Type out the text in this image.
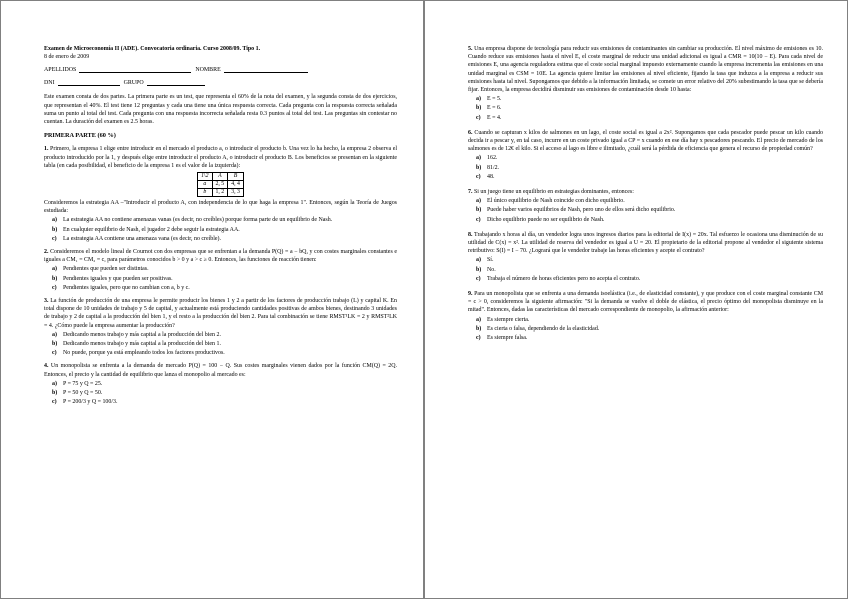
Examen de Microeconomía II (ADE). Convocatoria ordinaria. Curso 2008/09. Tipo 1.
8 de enero de 2009
APELLIDOS	NOMBRE
DNI	GRUPO

Este examen consta de dos partes. La primera parte es un test, que representa el 60% de la nota del examen, y la segunda consta de dos ejercicios, que representan el 40%. El test tiene 12 preguntas y cada una tiene una única respuesta correcta. Cada pregunta con la respuesta correcta señalada suma un punto al total del test. Cada pregunta con una respuesta incorrecta señalada resta 0.3 puntos al total del test. Las preguntas sin contestar no cuentan. La duración del examen es 2.5 horas.

PRIMERA PARTE (60 %)

1. Primero, la empresa 1 elige entre introducir en el mercado el producto a, o introducir el producto b. Una vez lo ha hecho, la empresa 2 observa el producto introducido por la 1, y después elige entre introducir el producto A, o introducir el producto B. Los beneficios se presentan en la siguiente tabla (en cada posibilidad, el beneficio de la empresa 1 es el valor de la izquierda):

1\2	A	B
a	2, 5	4, 4
b	1, 2	3, 3

Consideremos la estrategia AA –"Introducir el producto A, con independencia de lo que haga la empresa 1". Entonces, según la Teoría de Juegos estudiada:

a)	La estrategia AA no contiene amenazas vanas (es decir, no creíbles) porque forma parte de un equilibrio de Nash.
b) En cualquier equilibrio de Nash, el jugador 2 debe seguir la estrategia AA.
c)	La estrategia AA contiene una amenaza vana (es decir, no creíble).

2. Consideremos el modelo lineal de Cournot con dos empresas que se enfrentan a la demanda P(Q) = a − bQ, y con costes marginales constantes e iguales a CM₁ = CM₂ = c, para parámetros conocidos b > 0 y a > c ≥ 0. Entonces, las funciones de reacción tienen:

a)	Pendientes que pueden ser distintas.
b) Pendientes iguales y que pueden ser positivas.
c)	Pendientes iguales, pero que no cambian con a, b y c.

3. La función de producción de una empresa le permite producir los bienes 1 y 2 a partir de los factores de producción trabajo (L) y capital K. En total dispone de 10 unidades de trabajo y 5 de capital, y actualmente está produciendo cantidades positivas de ambos bienes, destinando 3 unidades de trabajo y 2 de capital a la producción del bien 1, y el resto a la producción del bien 2. Para tal combinación se tiene RMST¹LK = 2 y RMST²LK = 4. ¿Cómo puede la empresa aumentar la producción?

a)	Dedicando menos trabajo y más capital a la producción del bien 2.
b) Dedicando menos trabajo y más capital a la producción del bien 1.
c)	No puede, porque ya está empleando todos los factores productivos.

4. Un monopolista se enfrenta a la demanda de mercado P(Q) = 100 − Q. Sus costes marginales vienen dados por la función CM(Q) = 2Q. Entonces, el precio y la cantidad de equilibrio que lanza el monopolio al mercado es:

a)	P = 75 y Q = 25.
b) P = 50 y Q = 50.
c)	P = 200/3 y Q = 100/3.

5. Una empresa dispone de tecnología para reducir sus emisiones de contaminantes sin cambiar su producción. El nivel máximo de emisiones es 10. Cuando reduce sus emisiones hasta el nivel E, el coste marginal de reducir una unidad adicional es igual a CMR = 10(10 − E). Para cada nivel de emisiones E, una agencia reguladora estima que el coste social marginal impuesto externamente cuando la empresa incrementa las emisiones en una unidad marginal es CSM = 10E. La agencia quiere limitar las emisiones al nivel eficiente, fijando la tasa que induzca a la empresa a reducir sus emisiones hasta tal nivel. Supongamos que debido a la información limitada, se comete un error relativo del 20% subestimando la tasa que se debería fijar. Entonces, la empresa decidirá disminuir sus emisiones de contaminación desde 10 hasta:

a)	E = 5.
b) E = 6.
c)	E = 4.

6. Cuando se capturan x kilos de salmones en un lago, el coste social es igual a 2x². Supongamos que cada pescador puede pescar un kilo cuando decida ir a pescar y, en tal caso, incurre en un coste privado igual a CP = x cuando en ese día hay x pescadores pescando. El precio de mercado de los salmones es de 12€ el kilo. Si el acceso al lago es libre e ilimitado, ¿cuál será la pérdida de eficiencia que genera el recurso de propiedad común?

a)	162.
b) 81/2.
c)	48.

7. Si un juego tiene un equilibrio en estrategias dominantes, entonces:

a)	El único equilibrio de Nash coincide con dicho equilibrio.
b) Puede haber varios equilibrios de Nash, pero uno de ellos será dicho equilibrio.
c)	Dicho equilibrio puede no ser equilibrio de Nash.

8. Trabajando x horas al día, un vendedor logra unos ingresos diarios para la editorial de I(x) = 20x. Tal esfuerzo le ocasiona una disminución de su utilidad de C(x) = x². La utilidad de reserva del vendedor es igual a U = 20. El propietario de la editorial propone al vendedor el siguiente sistema retributivo: S(I) = I − 70. ¿Logrará que le vendedor trabaje las horas eficientes y acepte el contrato?

a)	Sí.
b) No.
c)	Trabaja el número de horas eficientes pero no acepta el contrato.

9. Para un monopolista que se enfrenta a una demanda isoelástica (i.e., de elasticidad constante), y que produce con el coste marginal constante CM = c > 0, consideremos la siguiente afirmación: "Si la demanda se vuelve el doble de elástica, el precio óptimo del monopolista disminuye en la mitad". Entonces, dadas las características del mercado correspondiente de monopolio, la afirmación anterior:

a)	Es siempre cierta.
b) Es cierta o falsa, dependiendo de la elasticidad.
c)	Es siempre falsa.
